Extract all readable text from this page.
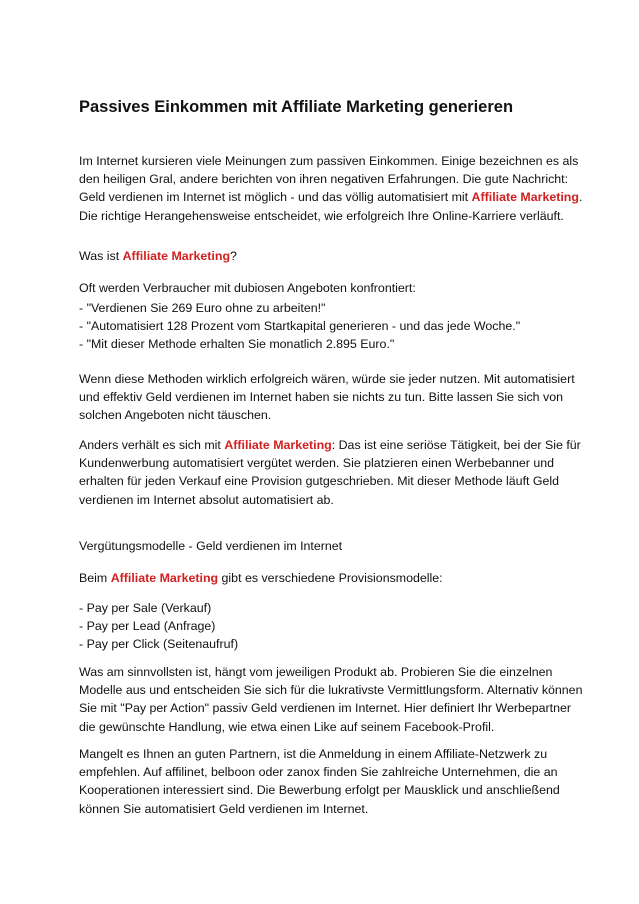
Passives Einkommen mit Affiliate Marketing generieren
Im Internet kursieren viele Meinungen zum passiven Einkommen. Einige bezeichnen es als
den heiligen Gral, andere berichten von ihren negativen Erfahrungen. Die gute Nachricht:
Geld verdienen im Internet ist möglich - und das völlig automatisiert mit Affiliate Marketing.
Die richtige Herangehensweise entscheidet, wie erfolgreich Ihre Online-Karriere verläuft.
Was ist Affiliate Marketing?
Oft werden Verbraucher mit dubiosen Angeboten konfrontiert:
- "Verdienen Sie 269 Euro ohne zu arbeiten!"
- "Automatisiert 128 Prozent vom Startkapital generieren - und das jede Woche."
- "Mit dieser Methode erhalten Sie monatlich 2.895 Euro."
Wenn diese Methoden wirklich erfolgreich wären, würde sie jeder nutzen. Mit automatisiert
und effektiv Geld verdienen im Internet haben sie nichts zu tun. Bitte lassen Sie sich von
solchen Angeboten nicht täuschen.
Anders verhält es sich mit Affiliate Marketing: Das ist eine seriöse Tätigkeit, bei der Sie für
Kundenwerbung automatisiert vergütet werden. Sie platzieren einen Werbebanner und
erhalten für jeden Verkauf eine Provision gutgeschrieben. Mit dieser Methode läuft Geld
verdienen im Internet absolut automatisiert ab.
Vergütungsmodelle - Geld verdienen im Internet
Beim Affiliate Marketing gibt es verschiedene Provisionsmodelle:
- Pay per Sale (Verkauf)
- Pay per Lead (Anfrage)
- Pay per Click (Seitenaufruf)
Was am sinnvollsten ist, hängt vom jeweiligen Produkt ab. Probieren Sie die einzelnen
Modelle aus und entscheiden Sie sich für die lukrativste Vermittlungsform. Alternativ können
Sie mit "Pay per Action" passiv Geld verdienen im Internet. Hier definiert Ihr Werbepartner
die gewünschte Handlung, wie etwa einen Like auf seinem Facebook-Profil.
Mangelt es Ihnen an guten Partnern, ist die Anmeldung in einem Affiliate-Netzwerk zu
empfehlen. Auf affilinet, belboon oder zanox finden Sie zahlreiche Unternehmen, die an
Kooperationen interessiert sind. Die Bewerbung erfolgt per Mausklick und anschließend
können Sie automatisiert Geld verdienen im Internet.
